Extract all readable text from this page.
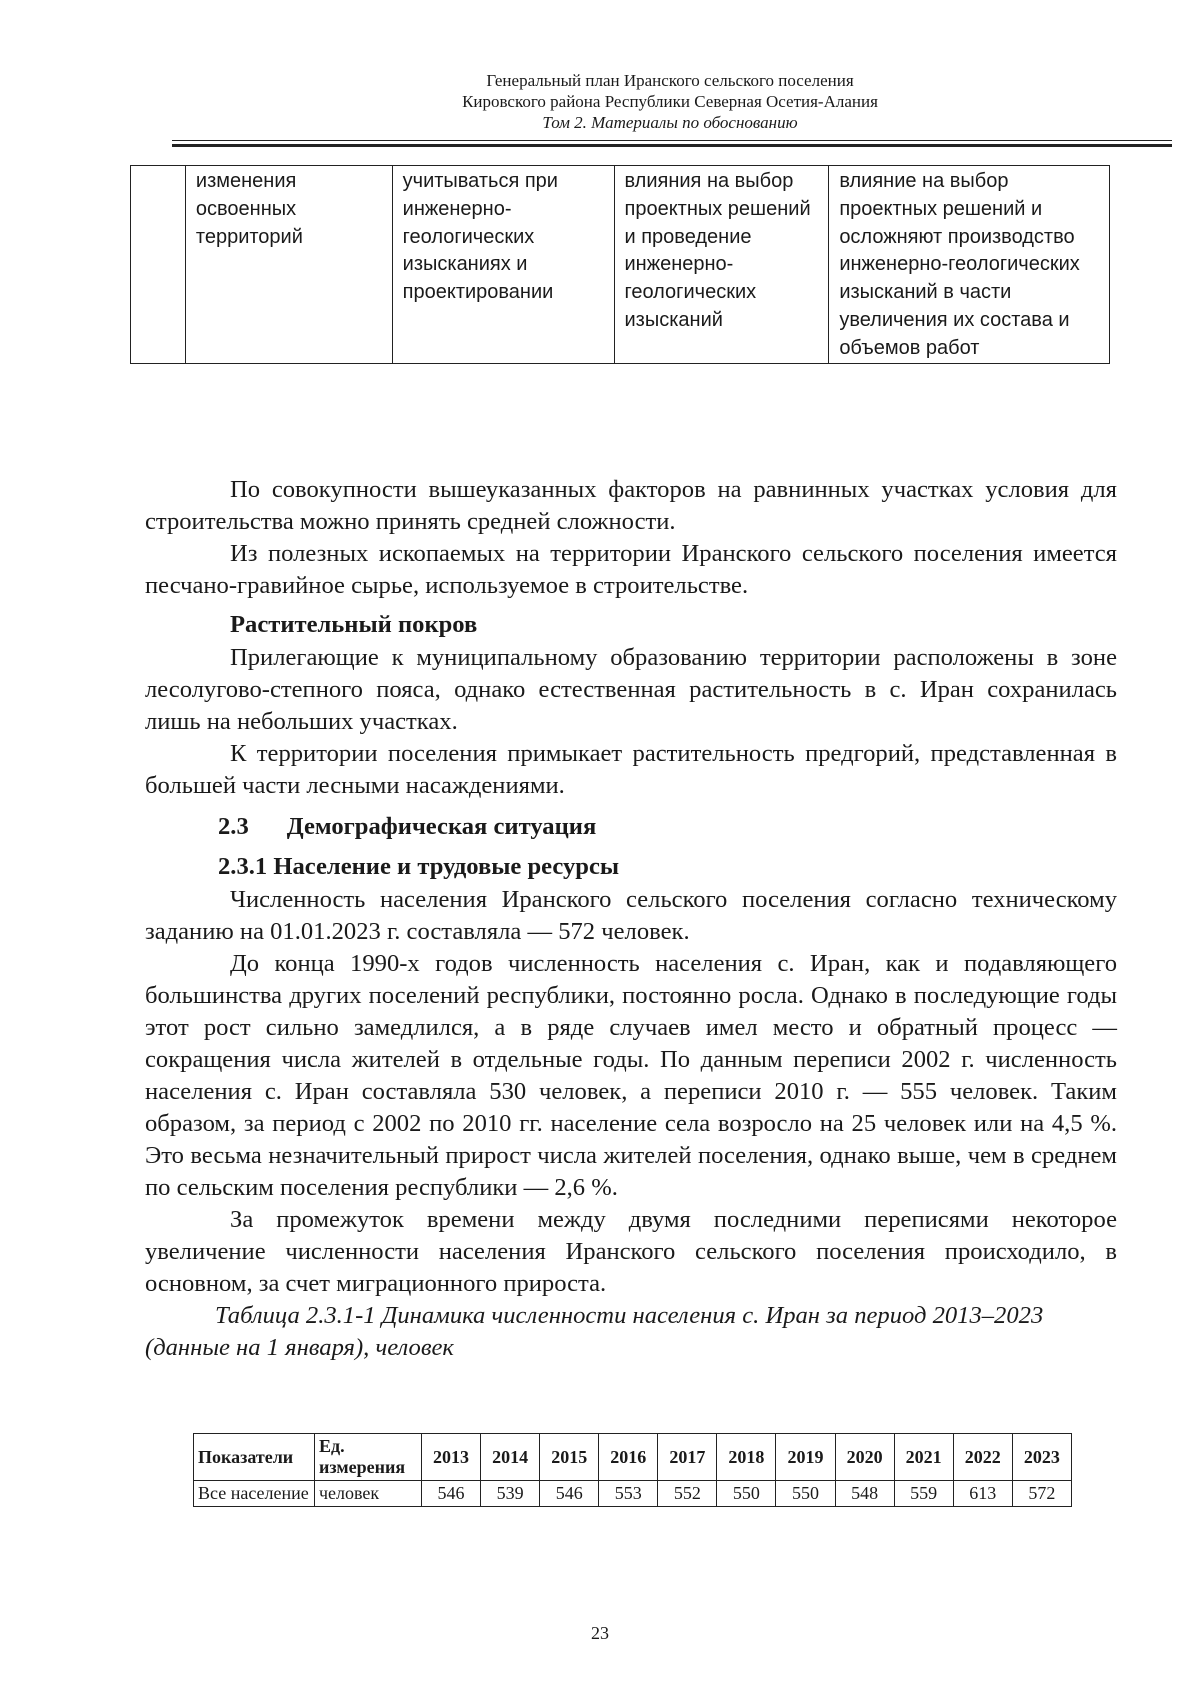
Генеральный план Иранского сельского поселения
Кировского района Республики Северная Осетия-Алания
Том 2. Материалы по обоснованию
	изменения освоенных территорий	учитываться при инженерно-геологических изысканиях и проектировании	влияния на выбор проектных решений и проведение инженерно-геологических изысканий	влияние на выбор проектных решений и осложняют производство инженерно-геологических изысканий в части увеличения их состава и объемов работ

По совокупности вышеуказанных факторов на равнинных участках условия для строительства можно принять средней сложности.

Из полезных ископаемых на территории Иранского сельского поселения имеется песчано-гравийное сырье, используемое в строительстве.

Растительный покров

Прилегающие к муниципальному образованию территории расположены в зоне лесолугово-степного пояса, однако естественная растительность в с. Иран сохранилась лишь на небольших участках.

К территории поселения примыкает растительность предгорий, представленная в большей части лесными насаждениями.

2.3 Демографическая ситуация
2.3.1 Население и трудовые ресурсы

Численность населения Иранского сельского поселения согласно техническому заданию на 01.01.2023 г. составляла — 572 человек.

До конца 1990-х годов численность населения с. Иран, как и подавляющего большинства других поселений республики, постоянно росла. Однако в последующие годы этот рост сильно замедлился, а в ряде случаев имел место и обратный процесс — сокращения числа жителей в отдельные годы. По данным переписи 2002 г. численность населения с. Иран составляла 530 человек, а переписи 2010 г. — 555 человек. Таким образом, за период с 2002 по 2010 гг. население села возросло на 25 человек или на 4,5 %. Это весьма незначительный прирост числа жителей поселения, однако выше, чем в среднем по сельским поселения республики — 2,6 %.

За промежуток времени между двумя последними переписями некоторое увеличение численности населения Иранского сельского поселения происходило, в основном, за счет миграционного прироста.

Таблица 2.3.1-1 Динамика численности населения с. Иран за период 2013–2023 (данные на 1 января), человек

Показатели	Ед. измерения	2013	2014	2015	2016	2017	2018	2019	2020	2021	2022	2023
Все население	человек	546	539	546	553	552	550	550	548	559	613	572
23
